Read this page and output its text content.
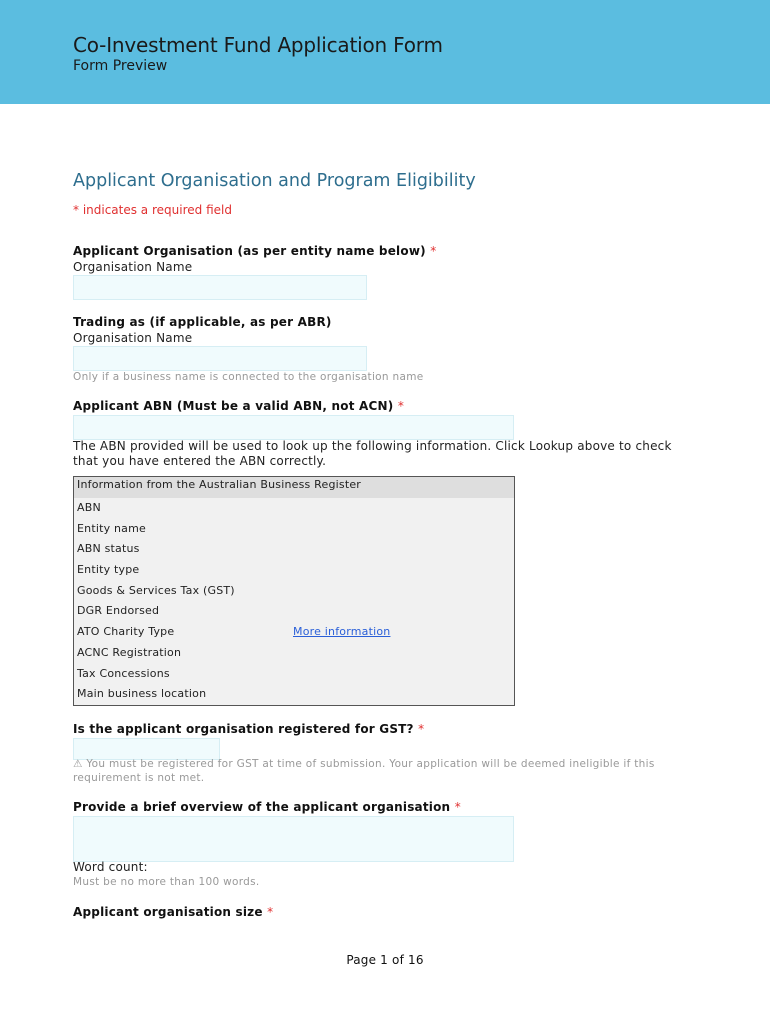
Co-Investment Fund Application Form
Form Preview
Applicant Organisation and Program Eligibility
* indicates a required field
Applicant Organisation (as per entity name below) *
Organisation Name
Trading as (if applicable, as per ABR)
Organisation Name
Only if a business name is connected to the organisation name
Applicant ABN (Must be a valid ABN, not ACN) *
The ABN provided will be used to look up the following information. Click Lookup above to check that you have entered the ABN correctly.
Information from the Australian Business Register
ABN
Entity name
ABN status
Entity type
Goods & Services Tax (GST)
DGR Endorsed
ATO Charity Type	More information
ACNC Registration
Tax Concessions
Main business location
Is the applicant organisation registered for GST? *
⚠ You must be registered for GST at time of submission. Your application will be deemed ineligible if this requirement is not met.
Provide a brief overview of the applicant organisation *
Word count:
Must be no more than 100 words.
Applicant organisation size *
Page 1 of 16
